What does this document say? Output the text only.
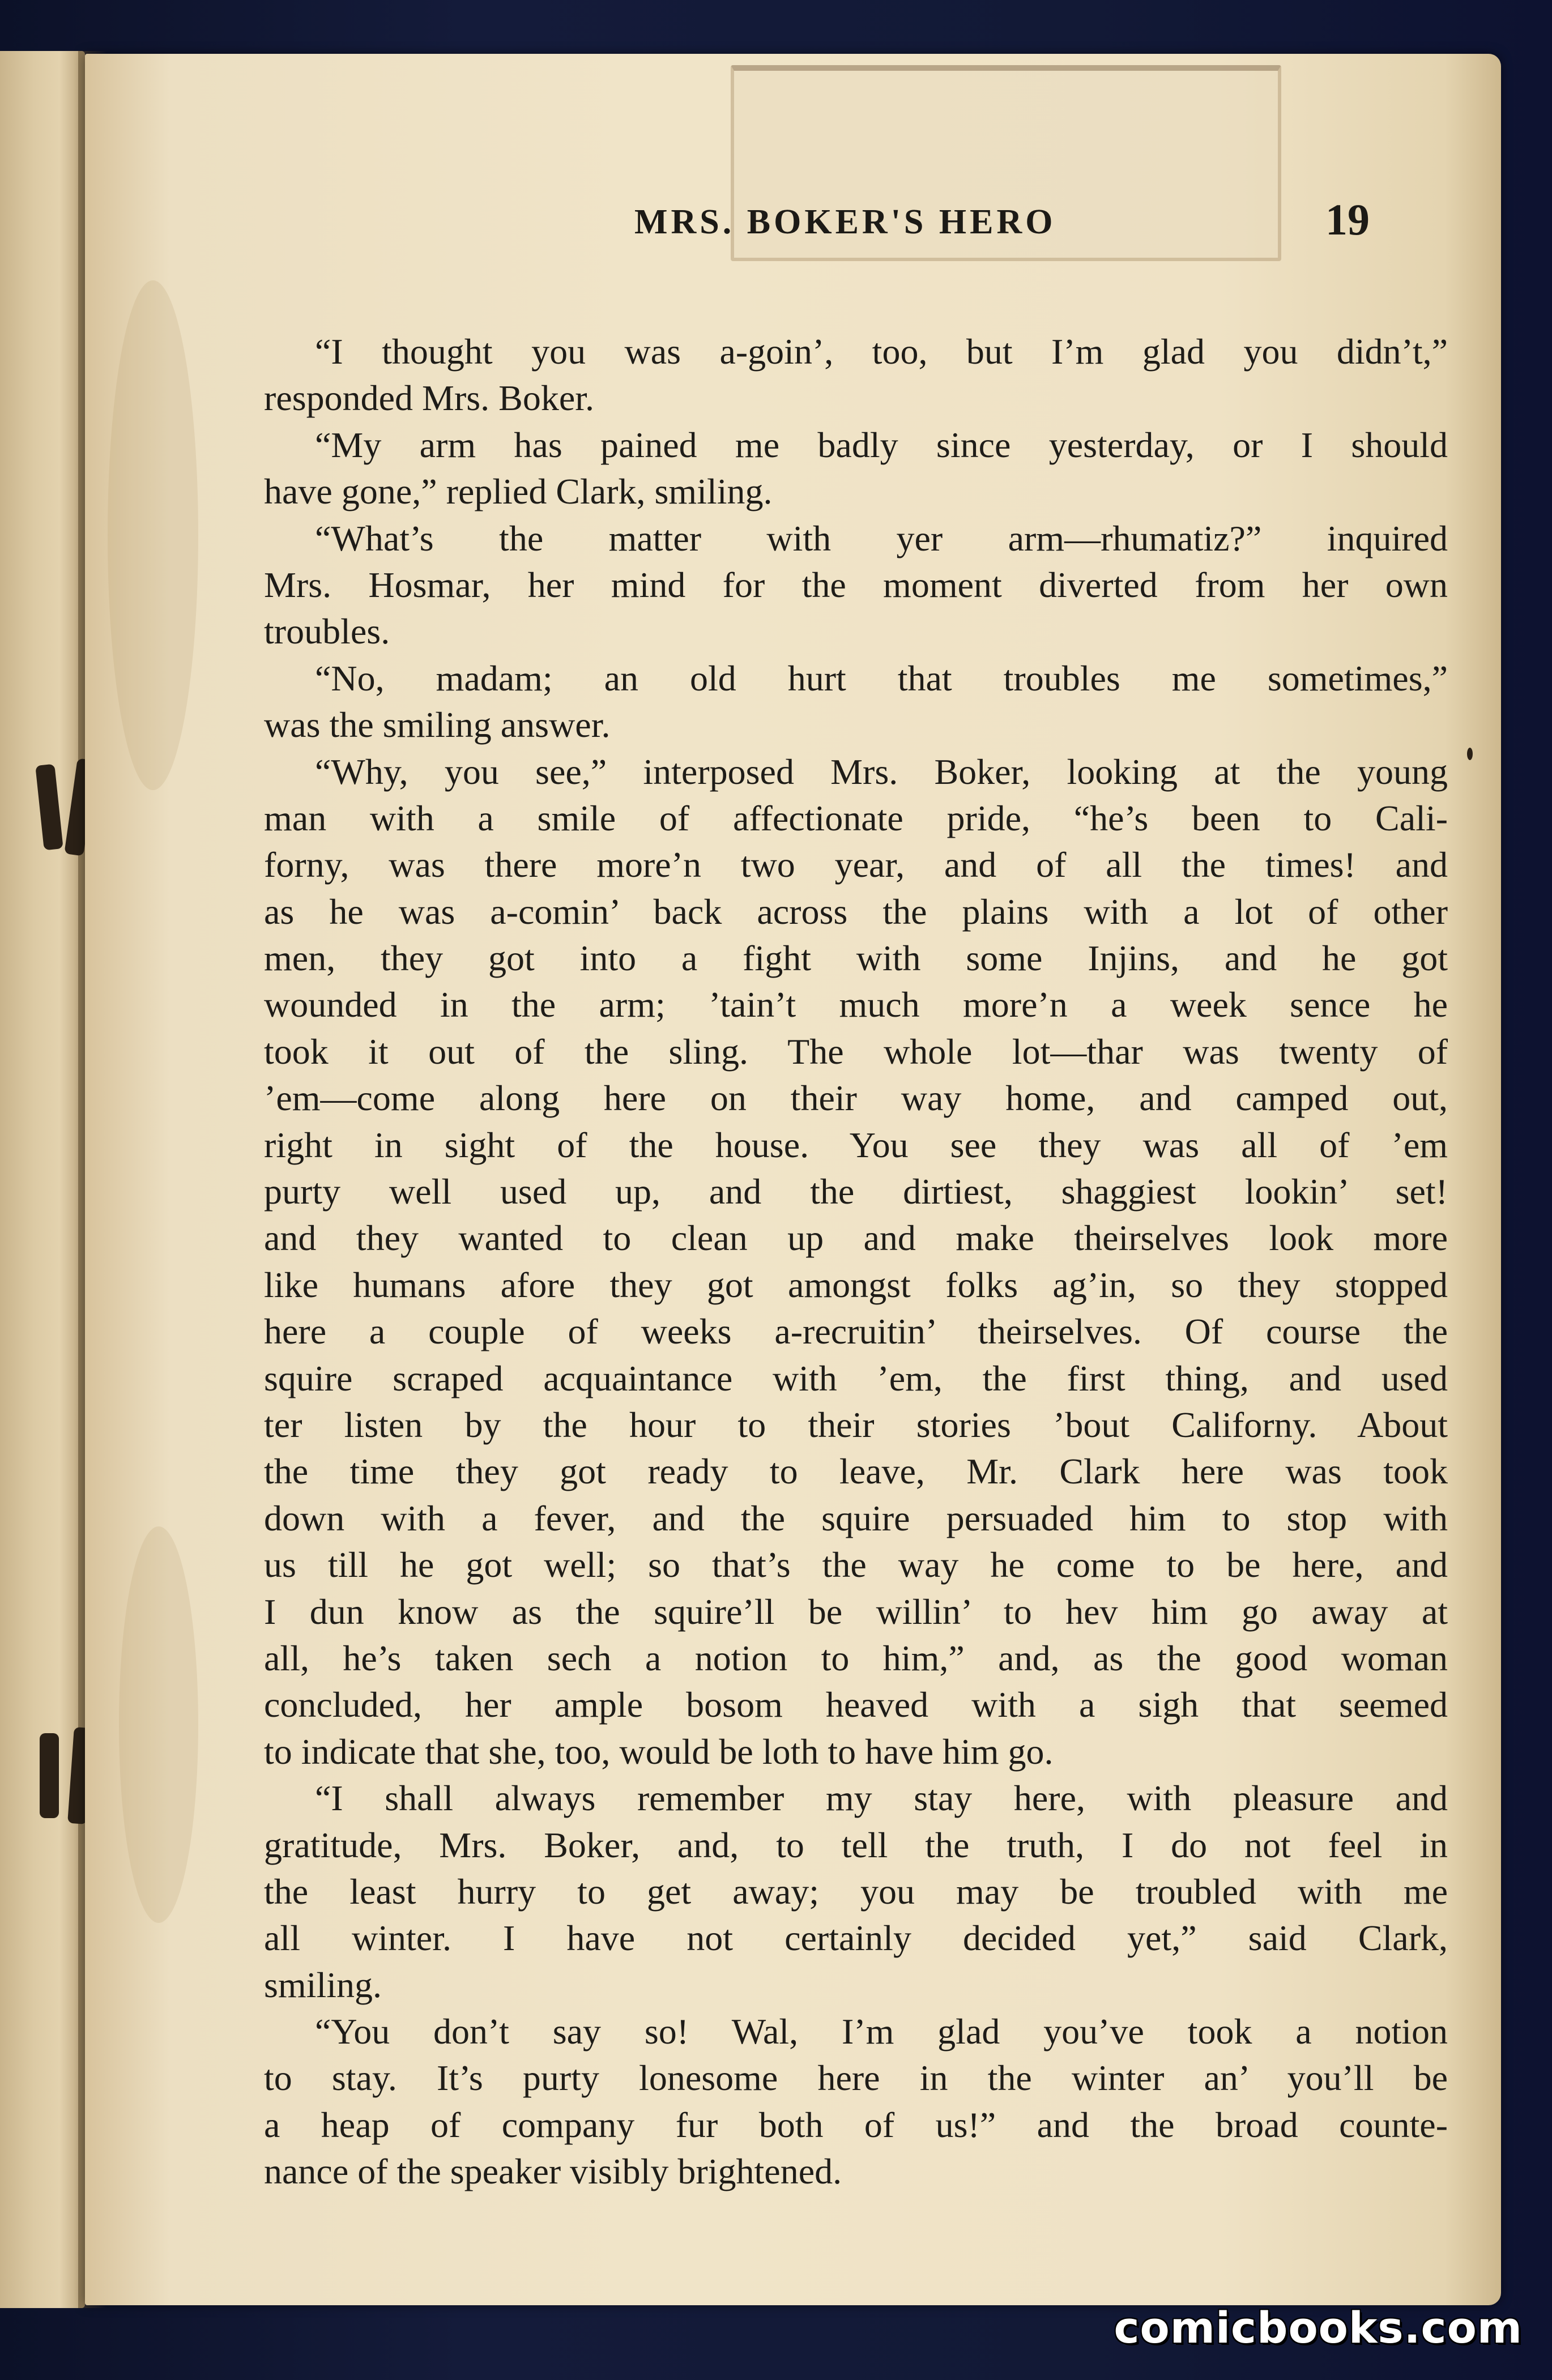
MRS. BOKER'S HERO	19
“I thought you was a-goin’, too, but I’m glad you didn’t,”
responded Mrs. Boker.
“My arm has pained me badly since yesterday, or I should
have gone,” replied Clark, smiling.
“What’s the matter with yer arm—rhumatiz?” inquired
Mrs. Hosmar, her mind for the moment diverted from her own
troubles.
“No, madam; an old hurt that troubles me sometimes,”
was the smiling answer.
“Why, you see,” interposed Mrs. Boker, looking at the young
man with a smile of affectionate pride, “he’s been to Cali-
forny, was there more’n two year, and of all the times! and
as he was a-comin’ back across the plains with a lot of other
men, they got into a fight with some Injins, and he got
wounded in the arm; ’tain’t much more’n a week sence he
took it out of the sling. The whole lot—thar was twenty of
’em—come along here on their way home, and camped out,
right in sight of the house. You see they was all of ’em
purty well used up, and the dirtiest, shaggiest lookin’ set!
and they wanted to clean up and make theirselves look more
like humans afore they got amongst folks ag’in, so they stopped
here a couple of weeks a-recruitin’ theirselves. Of course the
squire scraped acquaintance with ’em, the first thing, and used
ter listen by the hour to their stories ’bout Californy. About
the time they got ready to leave, Mr. Clark here was took
down with a fever, and the squire persuaded him to stop with
us till he got well; so that’s the way he come to be here, and
I dun know as the squire’ll be willin’ to hev him go away at
all, he’s taken sech a notion to him,” and, as the good woman
concluded, her ample bosom heaved with a sigh that seemed
to indicate that she, too, would be loth to have him go.
“I shall always remember my stay here, with pleasure and
gratitude, Mrs. Boker, and, to tell the truth, I do not feel in
the least hurry to get away; you may be troubled with me
all winter. I have not certainly decided yet,” said Clark,
smiling.
“You don’t say so! Wal, I’m glad you’ve took a notion
to stay. It’s purty lonesome here in the winter an’ you’ll be
a heap of company fur both of us!” and the broad counte-
nance of the speaker visibly brightened.
comicbooks.com
